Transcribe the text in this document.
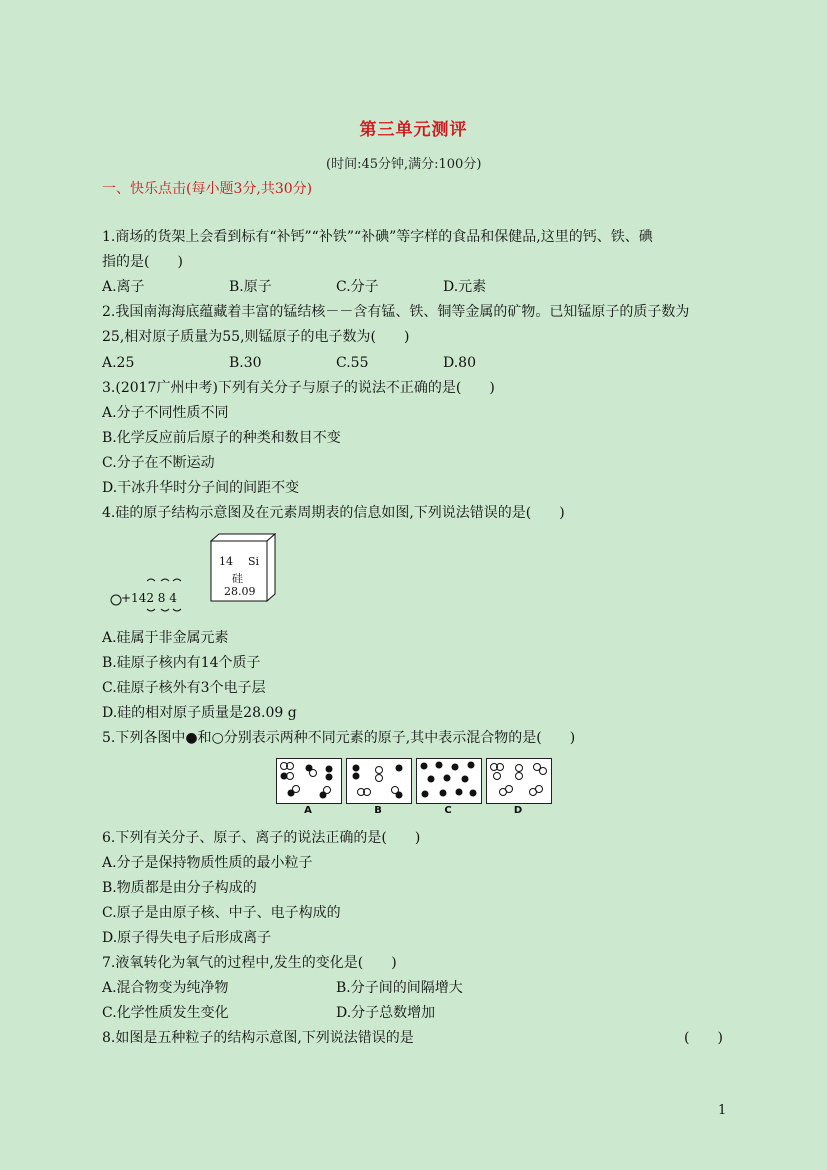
第三单元测评
(时间:45分钟,满分:100分)
一、快乐点击(每小题3分,共30分)
1.商场的货架上会看到标有“补钙”“补铁”“补碘”等字样的食品和保健品,这里的钙、铁、碘
指的是(　　)
A.离子	B.原子	C.分子	D.元素
2.我国南海海底蕴藏着丰富的锰结核－－含有锰、铁、铜等金属的矿物。已知锰原子的质子数为
25,相对原子质量为55,则锰原子的电子数为(　　)
A.25	B.30	C.55	D.80
3.(2017广州中考)下列有关分子与原子的说法不正确的是(　　)
A.分子不同性质不同
B.化学反应前后原子的种类和数目不变
C.分子在不断运动
D.干冰升华时分子间的间距不变
4.硅的原子结构示意图及在元素周期表的信息如图,下列说法错误的是(　　)
+142 8 4
14 Si
硅
28.09
A.硅属于非金属元素
B.硅原子核内有14个质子
C.硅原子核外有3个电子层
D.硅的相对原子质量是28.09 g
5.下列各图中●和○分别表示两种不同元素的原子,其中表示混合物的是(　　)
A	B	C	D
6.下列有关分子、原子、离子的说法正确的是(　　)
A.分子是保持物质性质的最小粒子
B.物质都是由分子构成的
C.原子是由原子核、中子、电子构成的
D.原子得失电子后形成离子
7.液氧转化为氧气的过程中,发生的变化是(　　)
A.混合物变为纯净物	B.分子间的间隔增大
C.化学性质发生变化	D.分子总数增加
8.如图是五种粒子的结构示意图,下列说法错误的是	(　　)
1
